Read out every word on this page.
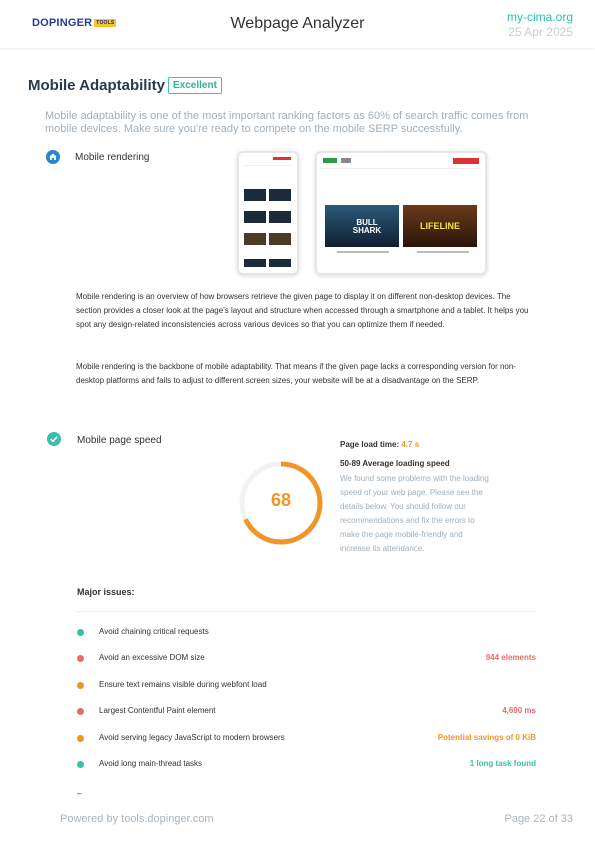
DOPINGER TOOLS	Webpage Analyzer	my-cima.org
25 Apr 2025
Mobile Adaptability Excellent
Mobile adaptability is one of the most important ranking factors as 60% of search traffic comes from mobile devices. Make sure you're ready to compete on the mobile SERP successfully.
Mobile rendering
BULL SHARK	LIFELINE
Mobile rendering is an overview of how browsers retrieve the given page to display it on different non-desktop devices. The section provides a closer look at the page's layout and structure when accessed through a smartphone and a tablet. It helps you spot any design-related inconsistencies across various devices so that you can optimize them if needed.
Mobile rendering is the backbone of mobile adaptability. That means if the given page lacks a corresponding version for non-desktop platforms and fails to adjust to different screen sizes, your website will be at a disadvantage on the SERP.
Mobile page speed
68
Page load time: 4.7 s
50-89 Average loading speed
We found some problems with the loading speed of your web page. Please see the details below. You should follow our recommendations and fix the errors to make the page mobile-friendly and increase its attendance.
Major issues:
Avoid chaining critical requests
Avoid an excessive DOM size	944 elements
Ensure text remains visible during webfont load
Largest Contentful Paint element	4,690 ms
Avoid serving legacy JavaScript to modern browsers	Potential savings of 0 KiB
Avoid long main-thread tasks	1 long task found
–
Powered by tools.dopinger.com	Page 22 of 33
